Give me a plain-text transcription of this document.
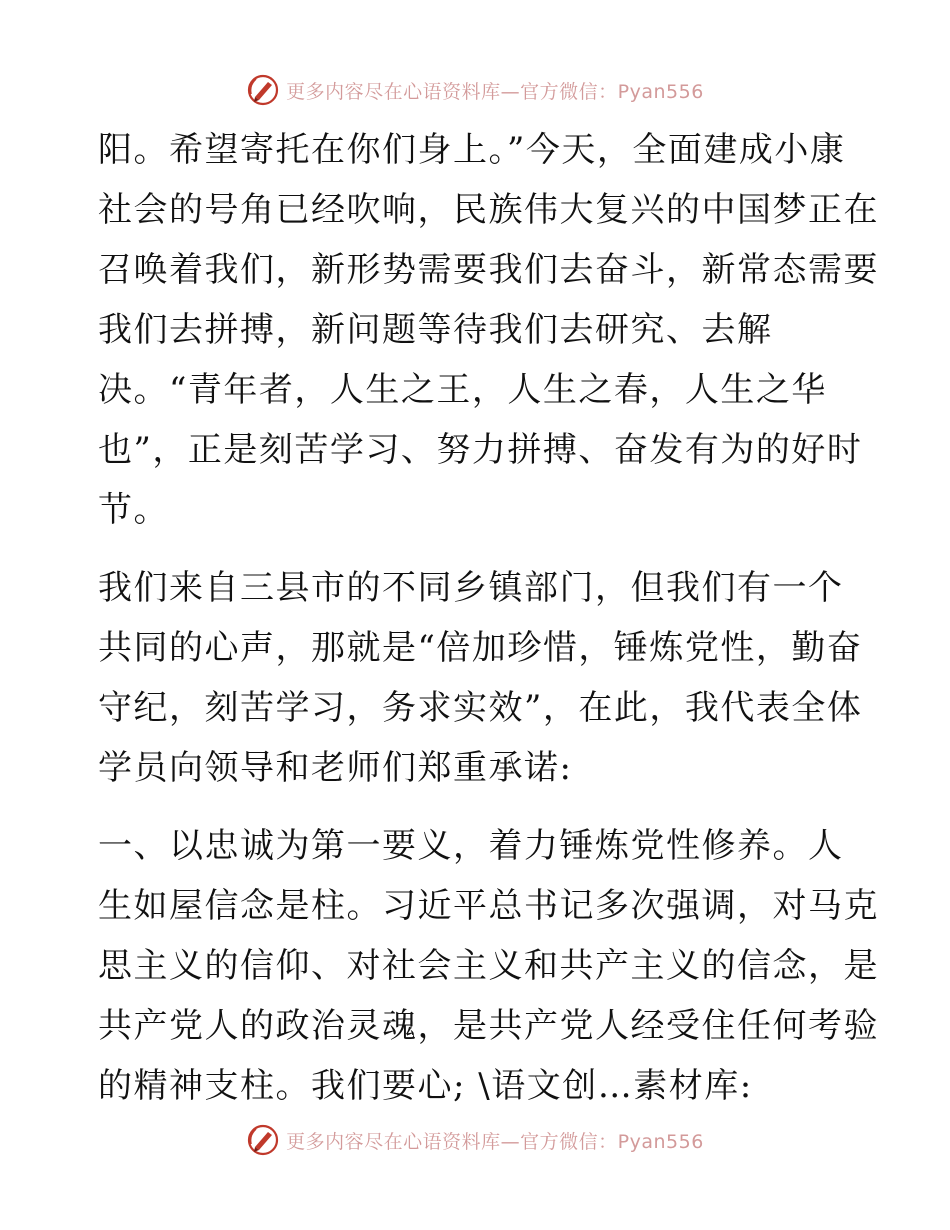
更多内容尽在心语资料库—官方微信：Pyan556
阳。希望寄托在你们身上。”今天，全面建成小康
社会的号角已经吹响，民族伟大复兴的中国梦正在
召唤着我们，新形势需要我们去奋斗，新常态需要
我们去拼搏，新问题等待我们去研究、去解
决。“青年者，人生之王，人生之春，人生之华
也”，正是刻苦学习、努力拼搏、奋发有为的好时
节。
我们来自三县市的不同乡镇部门，但我们有一个
共同的心声，那就是“倍加珍惜，锤炼党性，勤奋
守纪，刻苦学习，务求实效”，在此，我代表全体
学员向领导和老师们郑重承诺:
一、以忠诚为第一要义，着力锤炼党性修养。人
生如屋信念是柱。习近平总书记多次强调，对马克
思主义的信仰、对社会主义和共产主义的信念，是
共产党人的政治灵魂，是共产党人经受住任何考验
的精神支柱。我们要心; \语文创…素材库:
更多内容尽在心语资料库—官方微信：Pyan556
